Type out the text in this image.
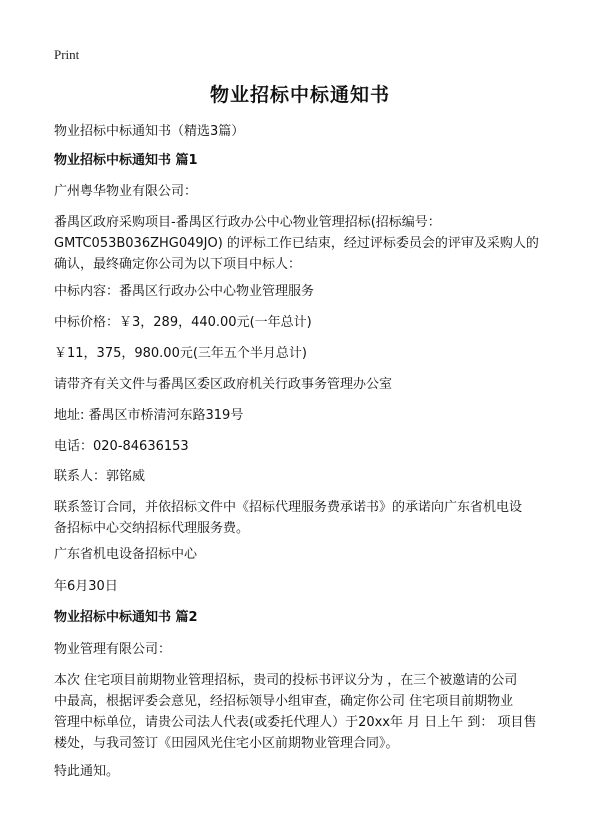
Print
物业招标中标通知书

物业招标中标通知书（精选3篇）

物业招标中标通知书 篇1

广州粤华物业有限公司：

番禺区政府采购项目-番禺区行政办公中心物业管理招标(招标编号：
GMTC053B036ZHG049JO) 的评标工作已结束，经过评标委员会的评审及采购人的
确认，最终确定你公司为以下项目中标人：

中标内容：番禺区行政办公中心物业管理服务

中标价格：￥3，289，440.00元(一年总计)

￥11，375，980.00元(三年五个半月总计)

请带齐有关文件与番禺区委区政府机关行政事务管理办公室

地址: 番禺区市桥清河东路319号

电话：020-84636153

联系人：郭铭威

联系签订合同，并依招标文件中《招标代理服务费承诺书》的承诺向广东省机电设
备招标中心交纳招标代理服务费。

广东省机电设备招标中心

年6月30日

物业招标中标通知书 篇2

物业管理有限公司：

本次 住宅项目前期物业管理招标，贵司的投标书评议分为 ，在三个被邀请的公司
中最高，根据评委会意见，经招标领导小组审查，确定你公司 住宅项目前期物业
管理中标单位，请贵公司法人代表(或委托代理人）于20xx年 月 日上午 到： 项目售
楼处，与我司签订《田园风光住宅小区前期物业管理合同》。

特此通知。
